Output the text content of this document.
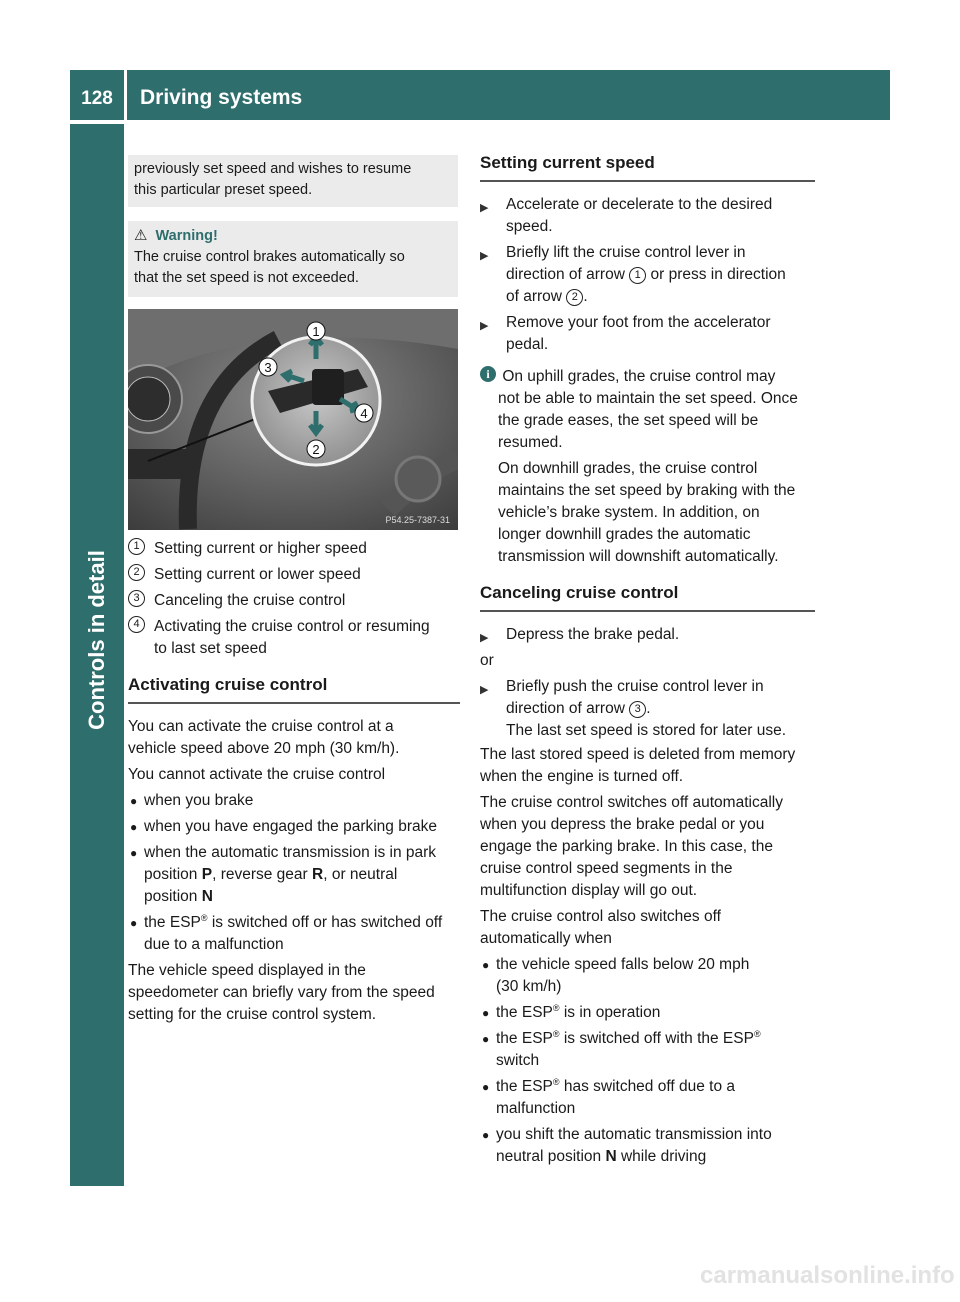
128	Driving systems
Controls in detail

previously set speed and wishes to resume

this particular preset speed.

⚠ Warning!

The cruise control brakes automatically so

that the set speed is not exceeded.

1
2
3
4
P54.25-7387-31
1 Setting current or higher speed

2 Setting current or lower speed

3 Canceling the cruise control

4 Activating the cruise control or resuming

to last set speed

Activating cruise control

You can activate the cruise control at a

vehicle speed above 20 mph (30 km/h).

You cannot activate the cruise control

● when you brake

● when you have engaged the parking brake

● when the automatic transmission is in park

position P, reverse gear R, or neutral

position N

● the ESP® is switched off or has switched off

due to a malfunction

The vehicle speed displayed in the

speedometer can briefly vary from the speed

setting for the cruise control system.

Setting current speed
▶ Accelerate or decelerate to the desired

speed.

▶ Briefly lift the cruise control lever in

direction of arrow 1 or press in direction

of arrow 2 .

▶ Remove your foot from the accelerator

pedal.

i On uphill grades, the cruise control may

not be able to maintain the set speed. Once

the grade eases, the set speed will be

resumed.

On downhill grades, the cruise control

maintains the set speed by braking with the

vehicle’s brake system. In addition, on

longer downhill grades the automatic

transmission will downshift automatically.

Canceling cruise control
▶ Depress the brake pedal.

or

▶ Briefly push the cruise control lever in

direction of arrow 3 .

The last set speed is stored for later use.

The last stored speed is deleted from memory

when the engine is turned off.

The cruise control switches off automatically

when you depress the brake pedal or you

engage the parking brake. In this case, the

cruise control speed segments in the

multifunction display will go out.

The cruise control also switches off

automatically when

● the vehicle speed falls below 20 mph

(30 km/h)

● the ESP® is in operation

● the ESP® is switched off with the ESP®

switch

● the ESP® has switched off due to a

malfunction

● you shift the automatic transmission into

neutral position N while driving

carmanualsonline.info
